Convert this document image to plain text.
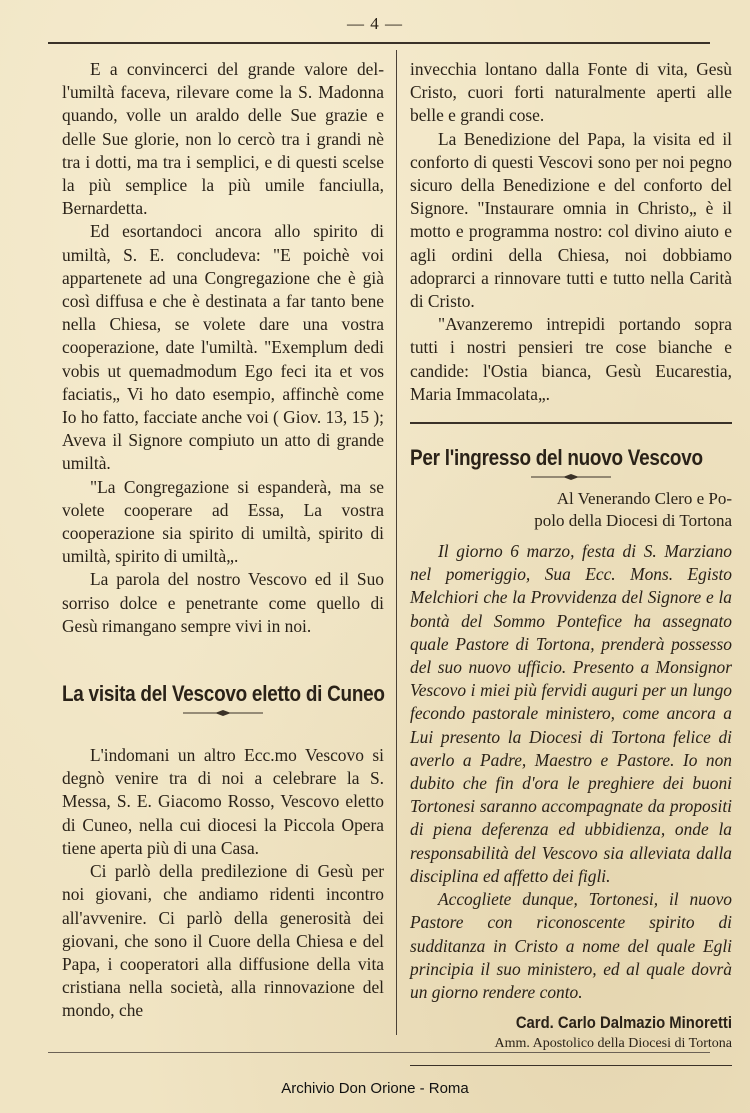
— 4 —

E a convincerci del grande valore del-l'umiltà faceva, rilevare come la S. Madonna quando, volle un araldo delle Sue grazie e delle Sue glorie, non lo cercò tra i grandi nè tra i dotti, ma tra i semplici, e di questi scelse la più semplice la più umile fanciulla, Bernardetta.

Ed esortandoci ancora allo spirito di umiltà, S. E. concludeva: "E poichè voi appartenete ad una Congregazione che è già così diffusa e che è destinata a far tanto bene nella Chiesa, se volete dare una vostra cooperazione, date l'umiltà. "Exemplum dedi vobis ut quemadmodum Ego feci ita et vos faciatis„ Vi ho dato esempio, affinchè come Io ho fatto, facciate anche voi ( Giov. 13, 15 ); Aveva il Signore compiuto un atto di grande umiltà.

"La Congregazione si espanderà, ma se volete cooperare ad Essa, La vostra cooperazione sia spirito di umiltà, spirito di umiltà, spirito di umiltà„.

La parola del nostro Vescovo ed il Suo sorriso dolce e penetrante come quello di Gesù rimangano sempre vivi in noi.

La visita del Vescovo eletto di Cuneo

L'indomani un altro Ecc.mo Vescovo si degnò venire tra di noi a celebrare la S. Messa, S. E. Giacomo Rosso, Vescovo eletto di Cuneo, nella cui diocesi la Piccola Opera tiene aperta più di una Casa.

Ci parlò della predilezione di Gesù per noi giovani, che andiamo ridenti incontro all'avvenire. Ci parlò della generosità dei giovani, che sono il Cuore della Chiesa e del Papa, i cooperatori alla diffusione della vita cristiana nella società, alla rinnovazione del mondo, che

invecchia lontano dalla Fonte di vita, Gesù Cristo, cuori forti naturalmente aperti alle belle e grandi cose.

La Benedizione del Papa, la visita ed il conforto di questi Vescovi sono per noi pegno sicuro della Benedizione e del conforto del Signore. "Instaurare omnia in Christo„ è il motto e programma nostro: col divino aiuto e agli ordini della Chiesa, noi dobbiamo adoprarci a rinnovare tutti e tutto nella Carità di Cristo.

"Avanzeremo intrepidi portando sopra tutti i nostri pensieri tre cose bianche e candide: l'Ostia bianca, Gesù Eucarestia, Maria Immacolata„.

Per l'ingresso del nuovo Vescovo
Al Venerando Clero e Po-
polo della Diocesi di Tortona

Il giorno 6 marzo, festa di S. Marziano nel pomeriggio, Sua Ecc. Mons. Egisto Melchiori che la Provvidenza del Signore e la bontà del Sommo Pontefice ha assegnato quale Pastore di Tortona, prenderà possesso del suo nuovo ufficio. Presento a Monsignor Vescovo i miei più fervidi auguri per un lungo fecondo pastorale ministero, come ancora a Lui presento la Diocesi di Tortona felice di averlo a Padre, Maestro e Pastore. Io non dubito che fin d'ora le preghiere dei buoni Tortonesi saranno accompagnate da propositi di piena deferenza ed ubbidienza, onde la responsabilità del Vescovo sia alleviata dalla disciplina ed affetto dei figli.

Accogliete dunque, Tortonesi, il nuovo Pastore con riconoscente spirito di sudditanza in Cristo a nome del quale Egli principia il suo ministero, ed al quale dovrà un giorno rendere conto.

Card. Carlo Dalmazio Minoretti
Amm. Apostolico della Diocesi di Tortona
Archivio Don Orione - Roma
